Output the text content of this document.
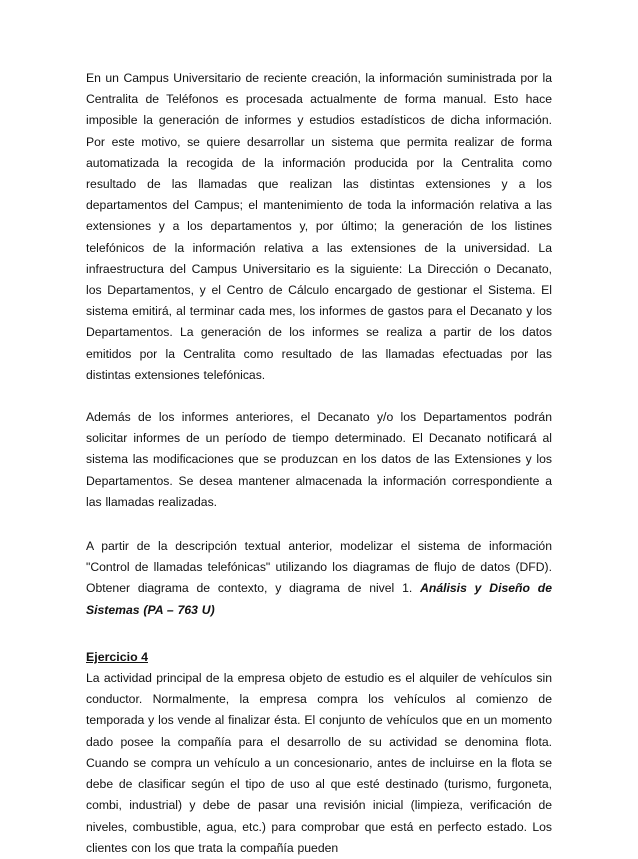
En un Campus Universitario de reciente creación, la información suministrada por la Centralita de Teléfonos es procesada actualmente de forma manual. Esto hace imposible la generación de informes y estudios estadísticos de dicha información. Por este motivo, se quiere desarrollar un sistema que permita realizar de forma automatizada la recogida de la información producida por la Centralita como resultado de las llamadas que realizan las distintas extensiones y a los departamentos del Campus; el mantenimiento de toda la información relativa a las extensiones y a los departamentos y, por último; la generación de los listines telefónicos de la información relativa a las extensiones de la universidad. La infraestructura del Campus Universitario es la siguiente: La Dirección o Decanato, los Departamentos, y el Centro de Cálculo encargado de gestionar el Sistema. El sistema emitirá, al terminar cada mes, los informes de gastos para el Decanato y los Departamentos. La generación de los informes se realiza a partir de los datos emitidos por la Centralita como resultado de las llamadas efectuadas por las distintas extensiones telefónicas.

Además de los informes anteriores, el Decanato y/o los Departamentos podrán solicitar informes de un período de tiempo determinado. El Decanato notificará al sistema las modificaciones que se produzcan en los datos de las Extensiones y los Departamentos. Se desea mantener almacenada la información correspondiente a las llamadas realizadas.

A partir de la descripción textual anterior, modelizar el sistema de información "Control de llamadas telefónicas" utilizando los diagramas de flujo de datos (DFD). Obtener diagrama de contexto, y diagrama de nivel 1. Análisis y Diseño de Sistemas (PA – 763 U)

Ejercicio 4

La actividad principal de la empresa objeto de estudio es el alquiler de vehículos sin conductor. Normalmente, la empresa compra los vehículos al comienzo de temporada y los vende al finalizar ésta. El conjunto de vehículos que en un momento dado posee la compañía para el desarrollo de su actividad se denomina flota. Cuando se compra un vehículo a un concesionario, antes de incluirse en la flota se debe de clasificar según el tipo de uso al que esté destinado (turismo, furgoneta, combi, industrial) y debe de pasar una revisión inicial (limpieza, verificación de niveles, combustible, agua, etc.) para comprobar que está en perfecto estado. Los clientes con los que trata la compañía pueden
